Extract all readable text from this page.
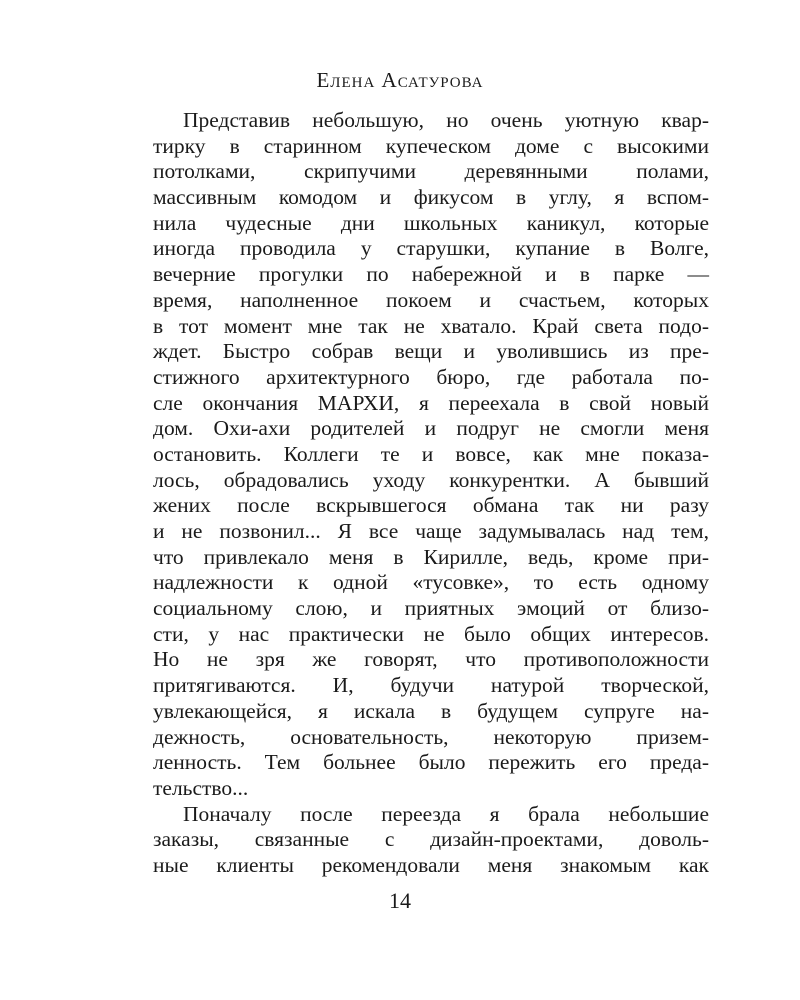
Елена Асатурова
Представив небольшую, но очень уютную квар-
тирку в старинном купеческом доме с высокими
потолками, скрипучими деревянными полами,
массивным комодом и фикусом в углу, я вспом-
нила чудесные дни школьных каникул, которые
иногда проводила у старушки, купание в Волге,
вечерние прогулки по набережной и в парке —
время, наполненное покоем и счастьем, которых
в тот момент мне так не хватало. Край света подо-
ждет. Быстро собрав вещи и уволившись из пре-
стижного архитектурного бюро, где работала по-
сле окончания МАРХИ, я переехала в свой новый
дом. Охи-ахи родителей и подруг не смогли меня
остановить. Коллеги те и вовсе, как мне показа-
лось, обрадовались уходу конкурентки. А бывший
жених после вскрывшегося обмана так ни разу
и не позвонил... Я все чаще задумывалась над тем,
что привлекало меня в Кирилле, ведь, кроме при-
надлежности к одной «тусовке», то есть одному
социальному слою, и приятных эмоций от близо-
сти, у нас практически не было общих интересов.
Но не зря же говорят, что противоположности
притягиваются. И, будучи натурой творческой,
увлекающейся, я искала в будущем супруге на-
дежность, основательность, некоторую призем-
ленность. Тем больнее было пережить его преда-
тельство...
Поначалу после переезда я брала небольшие
заказы, связанные с дизайн-проектами, доволь-
ные клиенты рекомендовали меня знакомым как
14
